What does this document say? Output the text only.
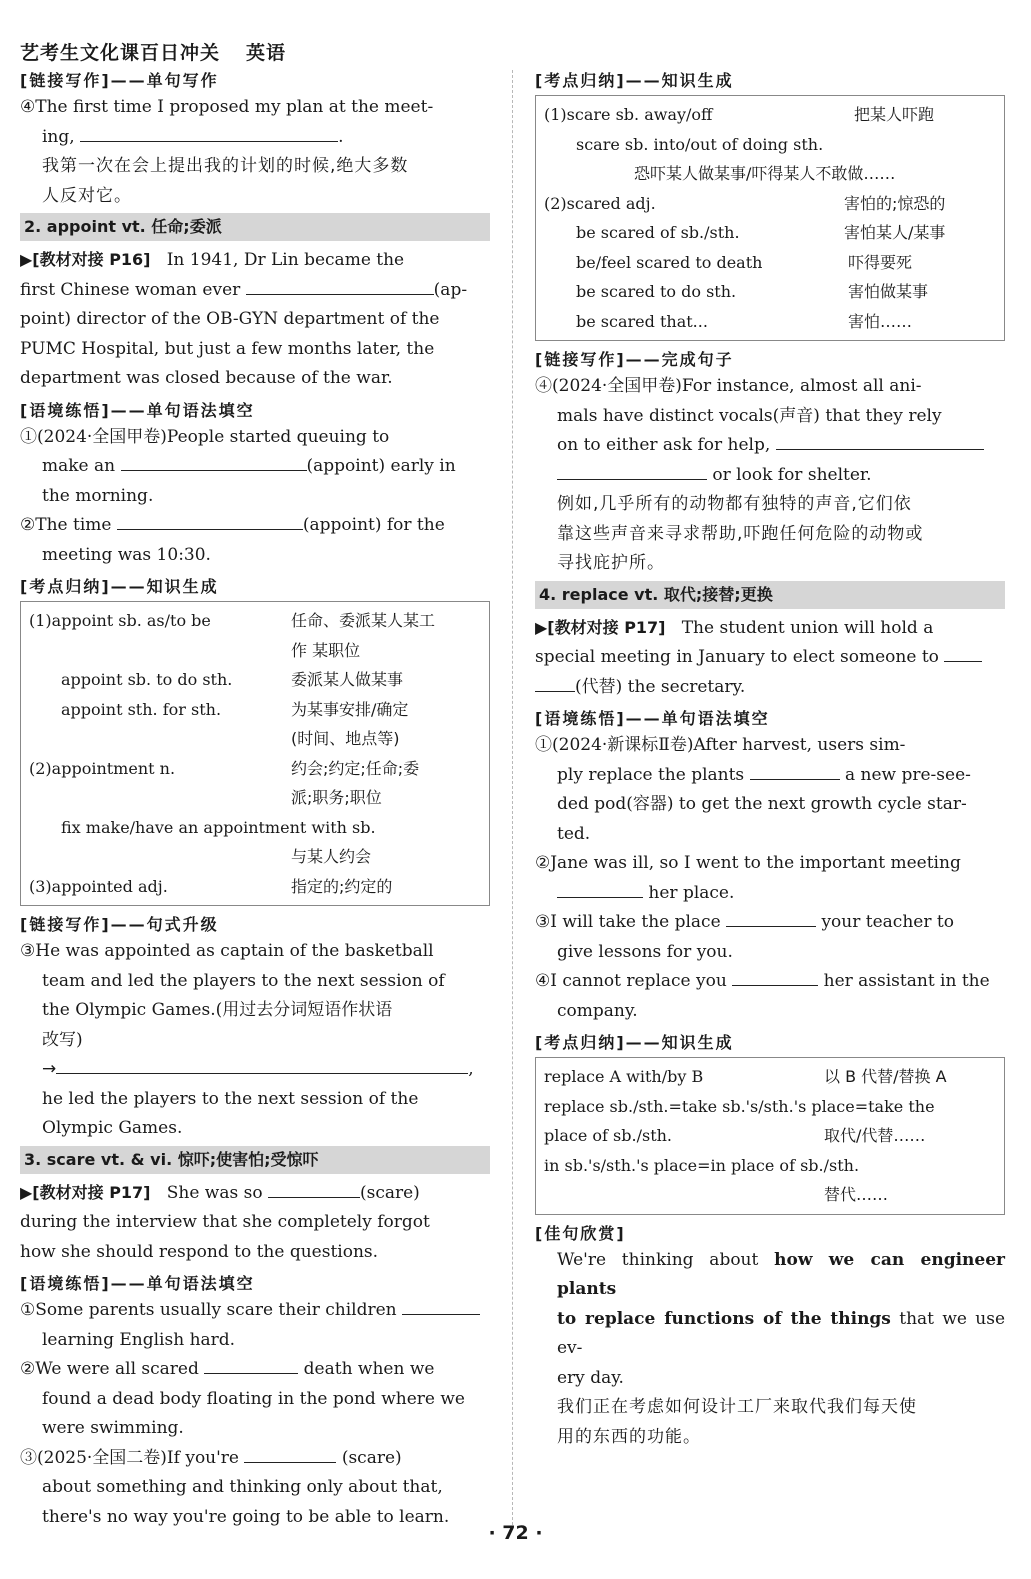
艺考生文化课百日冲关 英语
[链接写作]——单句写作
④The first time I proposed my plan at the meet-
ing,	.
我第一次在会上提出我的计划的时候,绝大多数
人反对它。
2. appoint vt. 任命;委派
▶[教材对接 P16] In 1941, Dr Lin became the
first Chinese woman ever	(ap-
point) director of the OB-GYN department of the
PUMC Hospital, but just a few months later, the
department was closed because of the war.
[语境练悟]——单句语法填空
①(2024·全国甲卷)People started queuing to
make an	(appoint) early in
the morning.
②The time	(appoint) for the
meeting was 10:30.
[考点归纳]——知识生成
(1)appoint sb. as/to be	任命、委派某人某工
作 某职位
appoint sb. to do sth.	委派某人做某事
appoint sth. for sth.	为某事安排/确定
(时间、地点等)
(2)appointment n.	约会;约定;任命;委
派;职务;职位
fix make/have an appointment with sb.
与某人约会
(3)appointed adj.	指定的;约定的
[链接写作]——句式升级
③He was appointed as captain of the basketball
team and led the players to the next session of
the Olympic Games.(用过去分词短语作状语
改写)
→	,
he led the players to the next session of the
Olympic Games.
3. scare vt. & vi. 惊吓;使害怕;受惊吓
▶[教材对接 P17] She was so	(scare)
during the interview that she completely forgot
how she should respond to the questions.
[语境练悟]——单句语法填空
①Some parents usually scare their children
learning English hard.
②We were all scared	death when we
found a dead body floating in the pond where we
were swimming.
③(2025·全国二卷)If you're	(scare)
about something and thinking only about that,
there's no way you're going to be able to learn.
[考点归纳]——知识生成
(1)scare sb. away/off	把某人吓跑
scare sb. into/out of doing sth.
恐吓某人做某事/吓得某人不敢做……
(2)scared adj.	害怕的;惊恐的
be scared of sb./sth.	害怕某人/某事
be/feel scared to death	吓得要死
be scared to do sth.	害怕做某事
be scared that...	害怕……
[链接写作]——完成句子
④(2024·全国甲卷)For instance, almost all ani-
mals have distinct vocals(声音) that they rely
on to either ask for help,
or look for shelter.
例如,几乎所有的动物都有独特的声音,它们依
靠这些声音来寻求帮助,吓跑任何危险的动物或
寻找庇护所。
4. replace vt. 取代;接替;更换
▶[教材对接 P17] The student union will hold a
special meeting in January to elect someone to
(代替) the secretary.
[语境练悟]——单句语法填空
①(2024·新课标Ⅱ卷)After harvest, users sim-
ply replace the plants	a new pre-see-
ded pod(容器) to get the next growth cycle star-
ted.
②Jane was ill, so I went to the important meeting
her place.
③I will take the place	your teacher to
give lessons for you.
④I cannot replace you	her assistant in the
company.
[考点归纳]——知识生成
replace A with/by B	以 B 代替/替换 A
replace sb./sth.=take sb.'s/sth.'s place=take the
place of sb./sth.	取代/代替……
in sb.'s/sth.'s place=in place of sb./sth.
替代……
[佳句欣赏]
We're thinking about how we can engineer plants
to replace functions of the things that we use ev-
ery day.
我们正在考虑如何设计工厂来取代我们每天使
用的东西的功能。
· 72 ·
